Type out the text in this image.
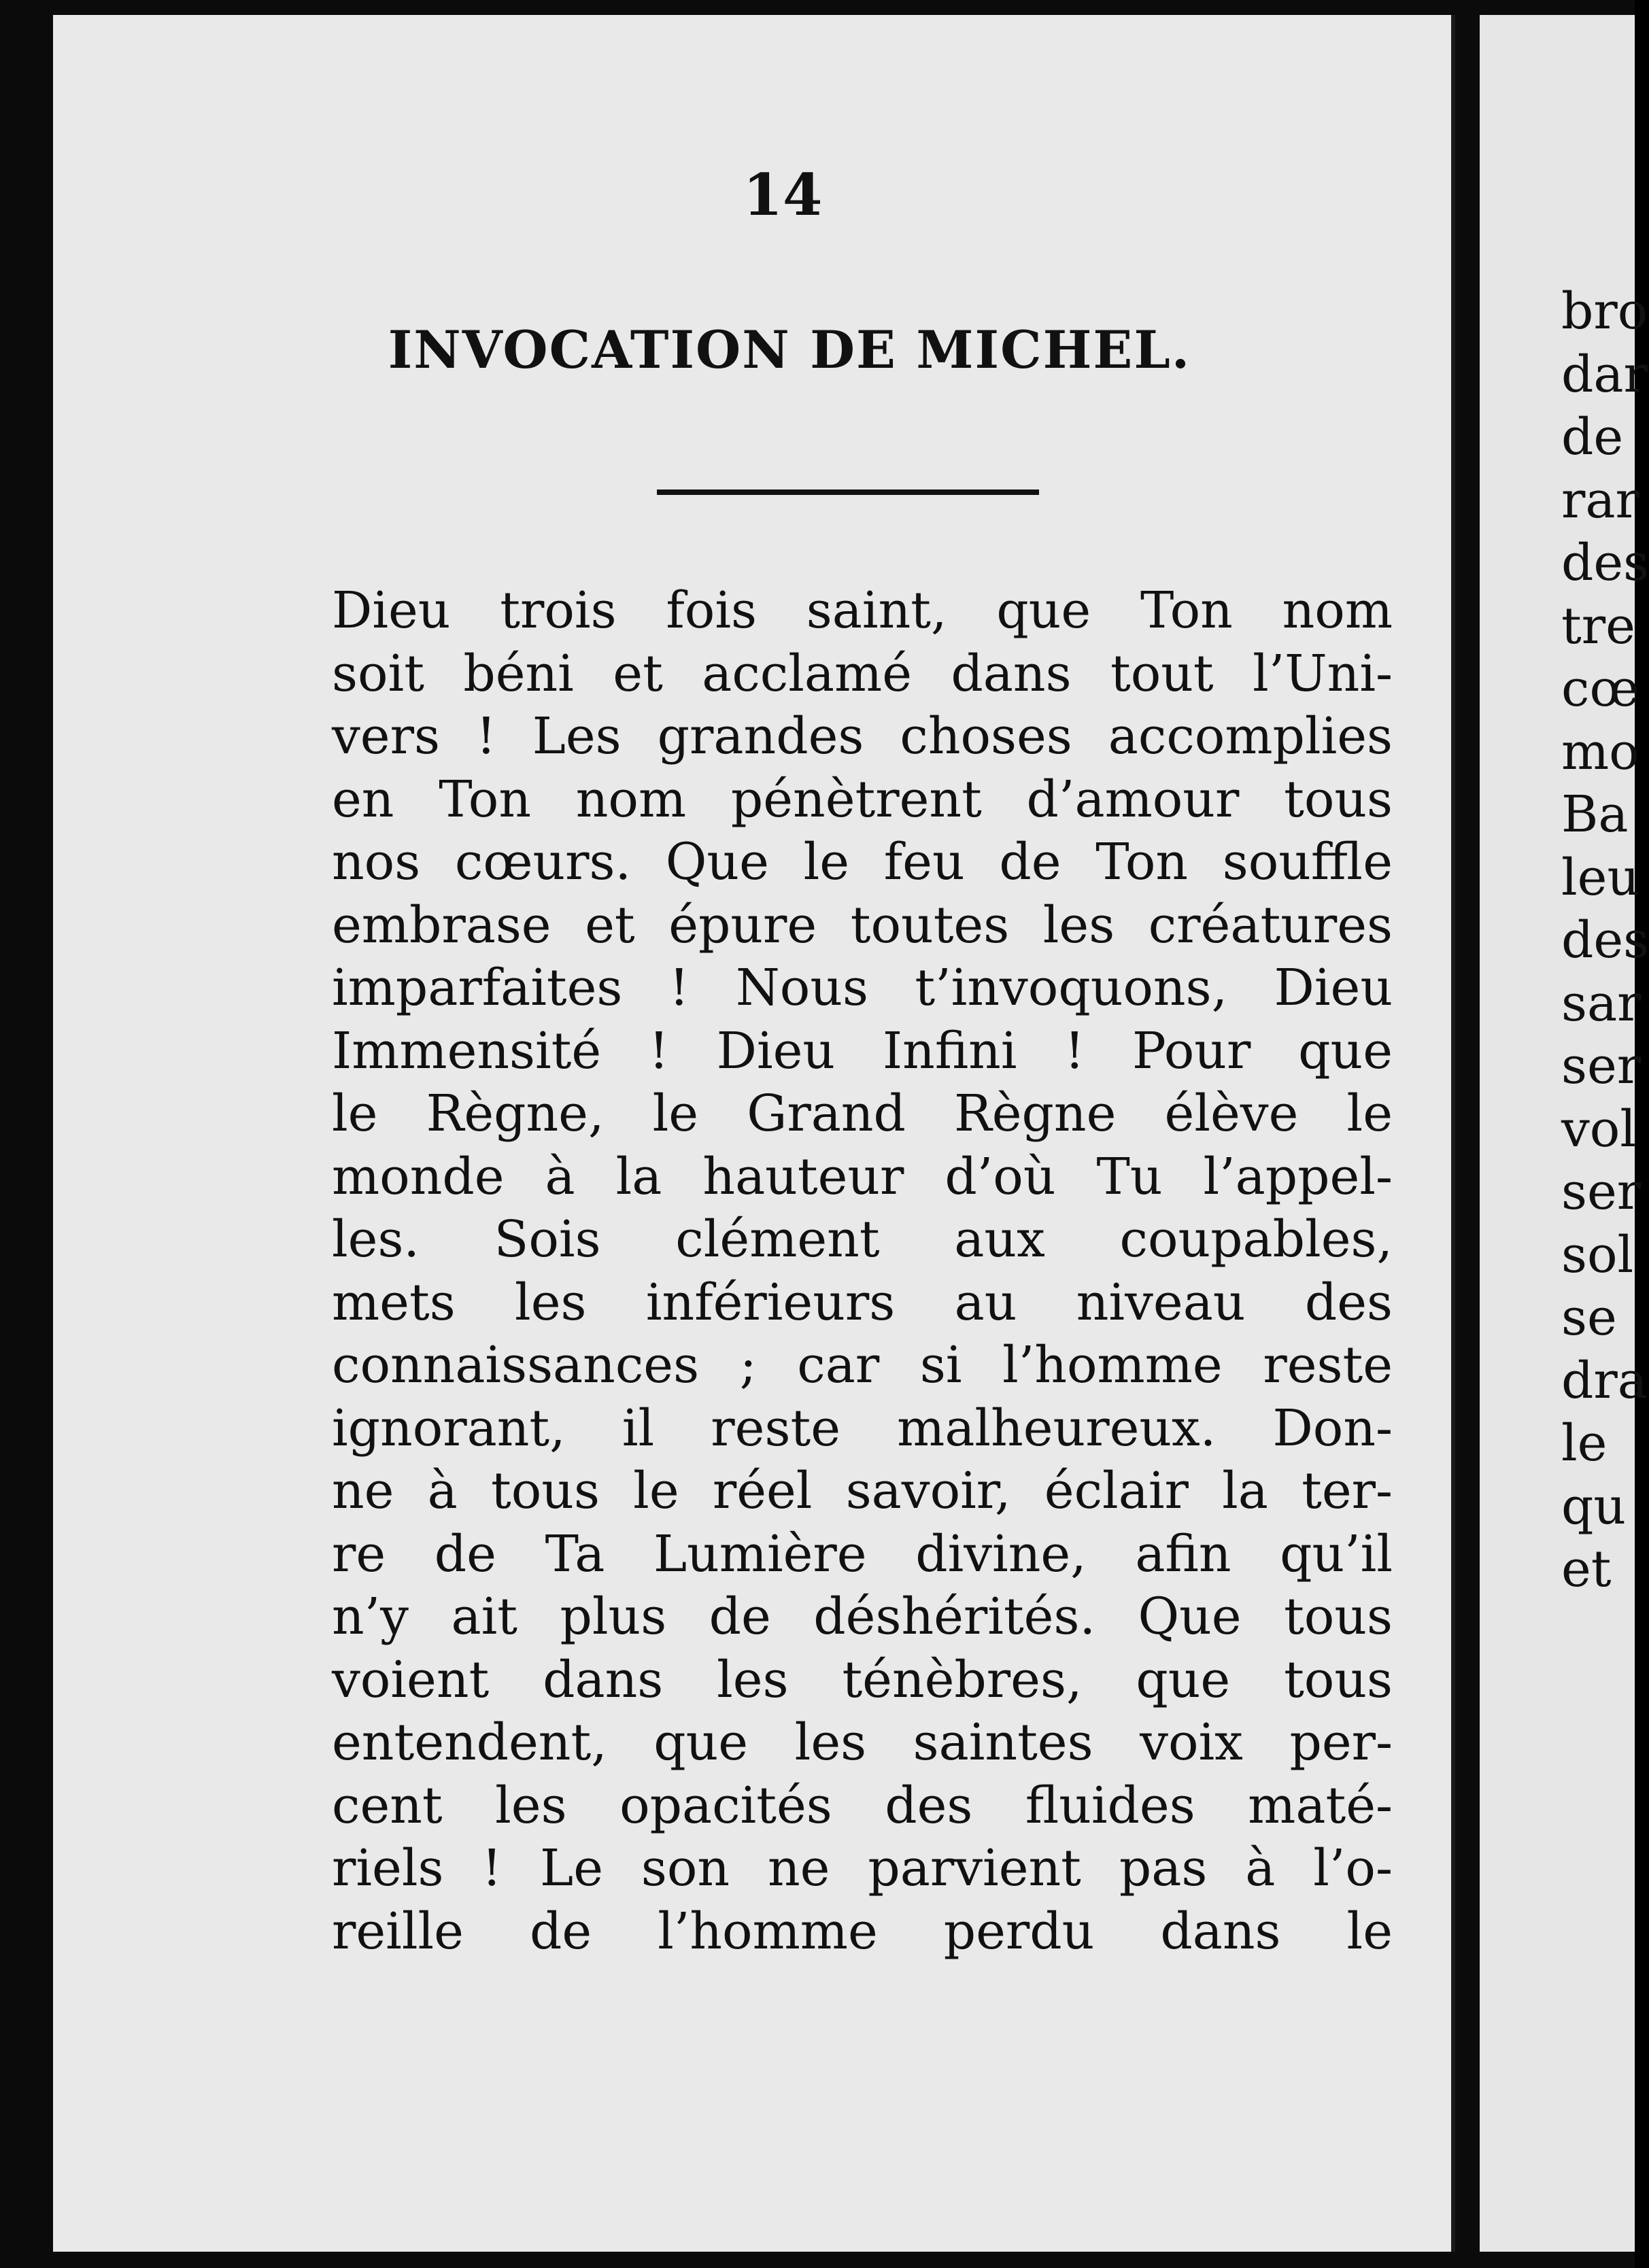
14
INVOCATION DE MICHEL.
Dieu trois fois saint, que Ton nom
soit béni et acclamé dans tout l’Uni-
vers ! Les grandes choses accomplies
en Ton nom pénètrent d’amour tous
nos cœurs. Que le feu de Ton souffle
embrase et épure toutes les créatures
imparfaites ! Nous t’invoquons, Dieu
Immensité ! Dieu Infini ! Pour que
le Règne, le Grand Règne élève le
monde à la hauteur d’où Tu l’appel-
les. Sois clément aux coupables,
mets les inférieurs au niveau des
connaissances ; car si l’homme reste
ignorant, il reste malheureux. Don-
ne à tous le réel savoir, éclair la ter-
re de Ta Lumière divine, afin qu’il
n’y ait plus de déshérités. Que tous
voient dans les ténèbres, que tous
entendent, que les saintes voix per-
cent les opacités des fluides maté-
riels ! Le son ne parvient pas à l’o-
reille de l’homme perdu dans le
bro
dar
de
rar
des
tre
cœ
mo
Ba
leu
des
sar
ser
vol
ser
sol
se
dra
le
qu
et
